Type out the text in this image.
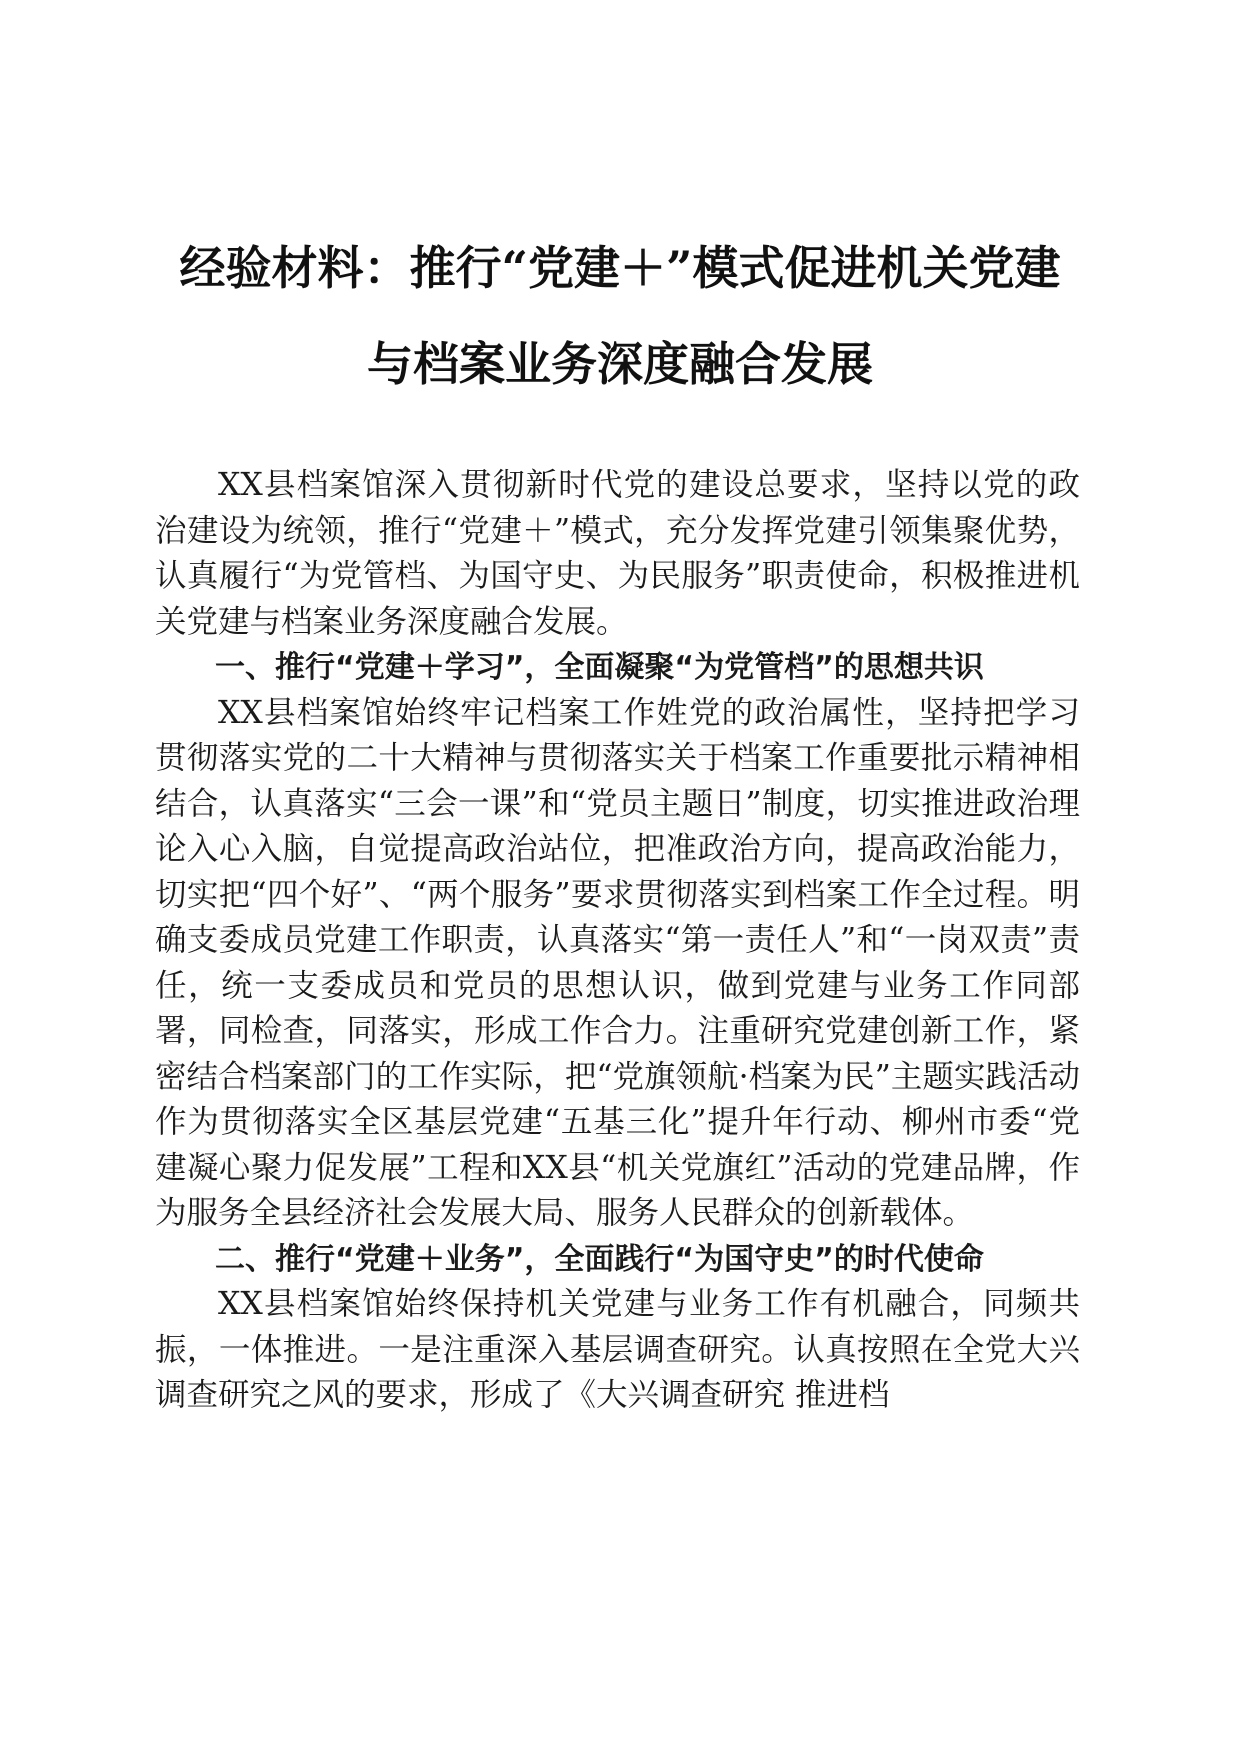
经验材料：推行“党建＋”模式促进机关党建
与档案业务深度融合发展

XX县档案馆深入贯彻新时代党的建设总要求，坚持以党的政治建设为统领，推行“党建＋”模式，充分发挥党建引领集聚优势，认真履行“为党管档、为国守史、为民服务”职责使命，积极推进机关党建与档案业务深度融合发展。

一、推行“党建＋学习”，全面凝聚“为党管档”的思想共识

XX县档案馆始终牢记档案工作姓党的政治属性，坚持把学习贯彻落实党的二十大精神与贯彻落实关于档案工作重要批示精神相结合，认真落实“三会一课”和“党员主题日”制度，切实推进政治理论入心入脑，自觉提高政治站位，把准政治方向，提高政治能力，切实把“四个好”、“两个服务”要求贯彻落实到档案工作全过程。明确支委成员党建工作职责，认真落实“第一责任人”和“一岗双责”责任，统一支委成员和党员的思想认识，做到党建与业务工作同部署，同检查，同落实，形成工作合力。注重研究党建创新工作，紧密结合档案部门的工作实际，把“党旗领航·档案为民”主题实践活动作为贯彻落实全区基层党建“五基三化”提升年行动、柳州市委“党建凝心聚力促发展”工程和XX县“机关党旗红”活动的党建品牌，作为服务全县经济社会发展大局、服务人民群众的创新载体。

二、推行“党建＋业务”，全面践行“为国守史”的时代使命

XX县档案馆始终保持机关党建与业务工作有机融合，同频共振，一体推进。一是注重深入基层调查研究。认真按照在全党大兴调查研究之风的要求，形成了《大兴调查研究 推进档
